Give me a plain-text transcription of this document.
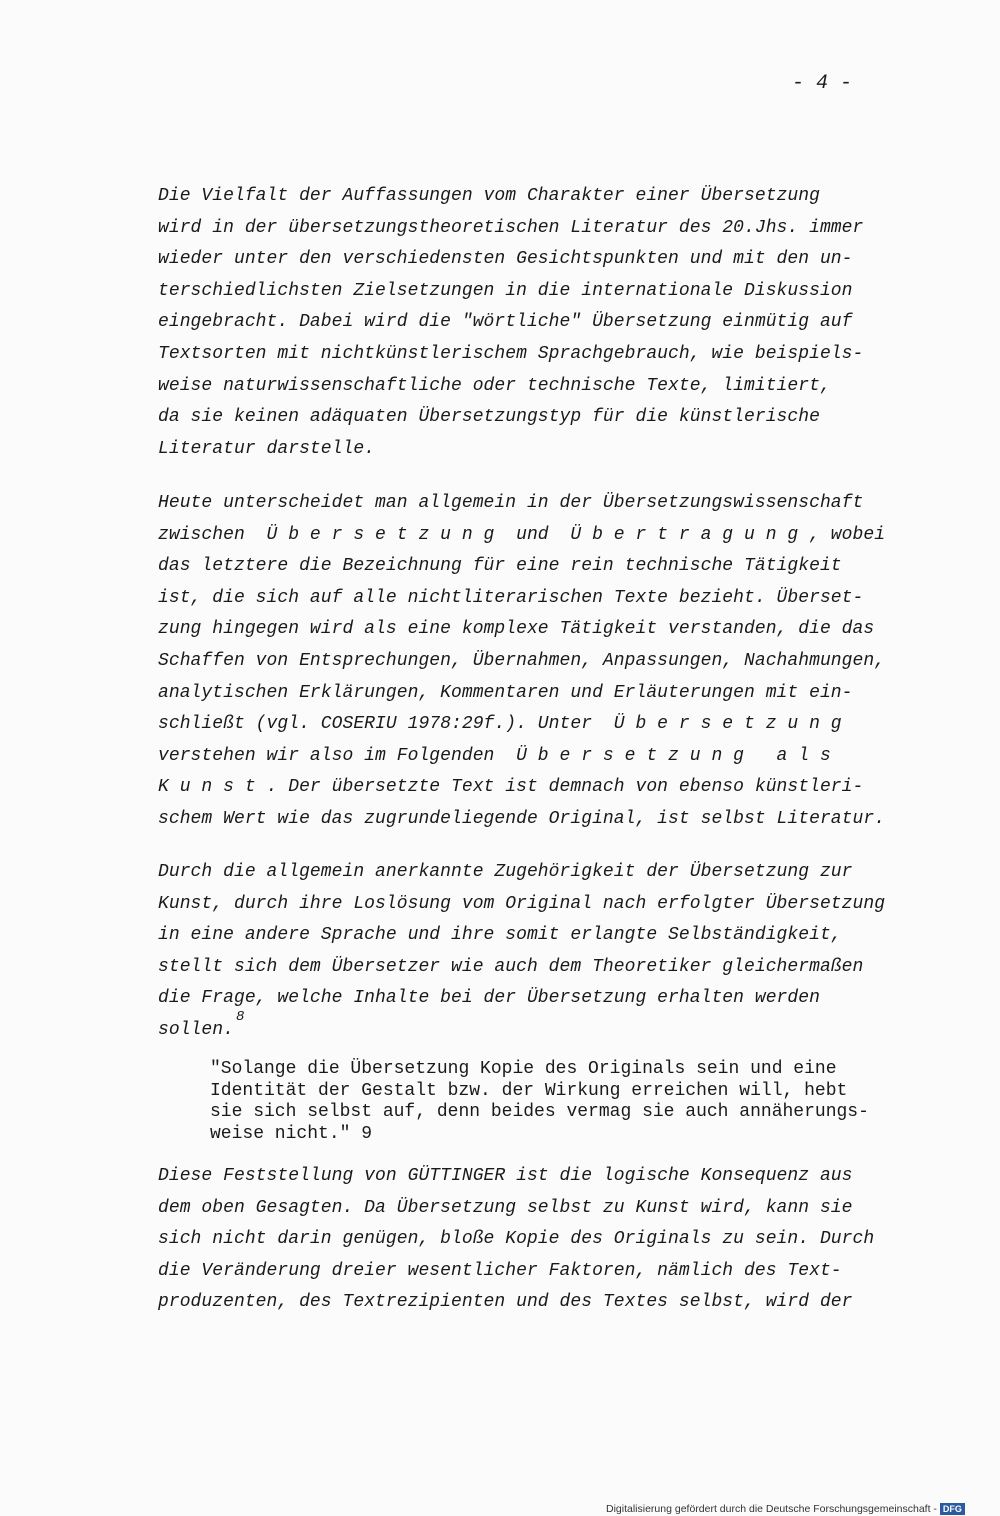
- 4 -

Die Vielfalt der Auffassungen vom Charakter einer Übersetzung
wird in der übersetzungstheoretischen Literatur des 20.Jhs. immer
wieder unter den verschiedensten Gesichtspunkten und mit den un-
terschiedlichsten Zielsetzungen in die internationale Diskussion
eingebracht. Dabei wird die "wörtliche" Übersetzung einmütig auf
Textsorten mit nichtkünstlerischem Sprachgebrauch, wie beispiels-
weise naturwissenschaftliche oder technische Texte, limitiert,
da sie keinen adäquaten Übersetzungstyp für die künstlerische
Literatur darstelle.

Heute unterscheidet man allgemein in der Übersetzungswissenschaft
zwischen  Ü b e r s e t z u n g  und  Ü b e r t r a g u n g , wobei
das letztere die Bezeichnung für eine rein technische Tätigkeit
ist, die sich auf alle nichtliterarischen Texte bezieht. Überset-
zung hingegen wird als eine komplexe Tätigkeit verstanden, die das
Schaffen von Entsprechungen, Übernahmen, Anpassungen, Nachahmungen,
analytischen Erklärungen, Kommentaren und Erläuterungen mit ein-
schließt (vgl. COSERIU 1978:29f.). Unter  Ü b e r s e t z u n g
verstehen wir also im Folgenden  Ü b e r s e t z u n g   a l s
K u n s t . Der übersetzte Text ist demnach von ebenso künstleri-
schem Wert wie das zugrundeliegende Original, ist selbst Literatur.

Durch die allgemein anerkannte Zugehörigkeit der Übersetzung zur
Kunst, durch ihre Loslösung vom Original nach erfolgter Übersetzung
in eine andere Sprache und ihre somit erlangte Selbständigkeit,
stellt sich dem Übersetzer wie auch dem Theoretiker gleichermaßen
die Frage, welche Inhalte bei der Übersetzung erhalten werden
sollen.$^8$

"Solange die Übersetzung Kopie des Originals sein und eine
Identität der Gestalt bzw. der Wirkung erreichen will, hebt
sie sich selbst auf, denn beides vermag sie auch annäherungs-
weise nicht." 9

Diese Feststellung von GÜTTINGER ist die logische Konsequenz aus
dem oben Gesagten. Da Übersetzung selbst zu Kunst wird, kann sie
sich nicht darin genügen, bloße Kopie des Originals zu sein. Durch
die Veränderung dreier wesentlicher Faktoren, nämlich des Text-
produzenten, des Textrezipienten und des Textes selbst, wird der

Digitalisierung gefördert durch die Deutsche Forschungsgemeinschaft - DFG
